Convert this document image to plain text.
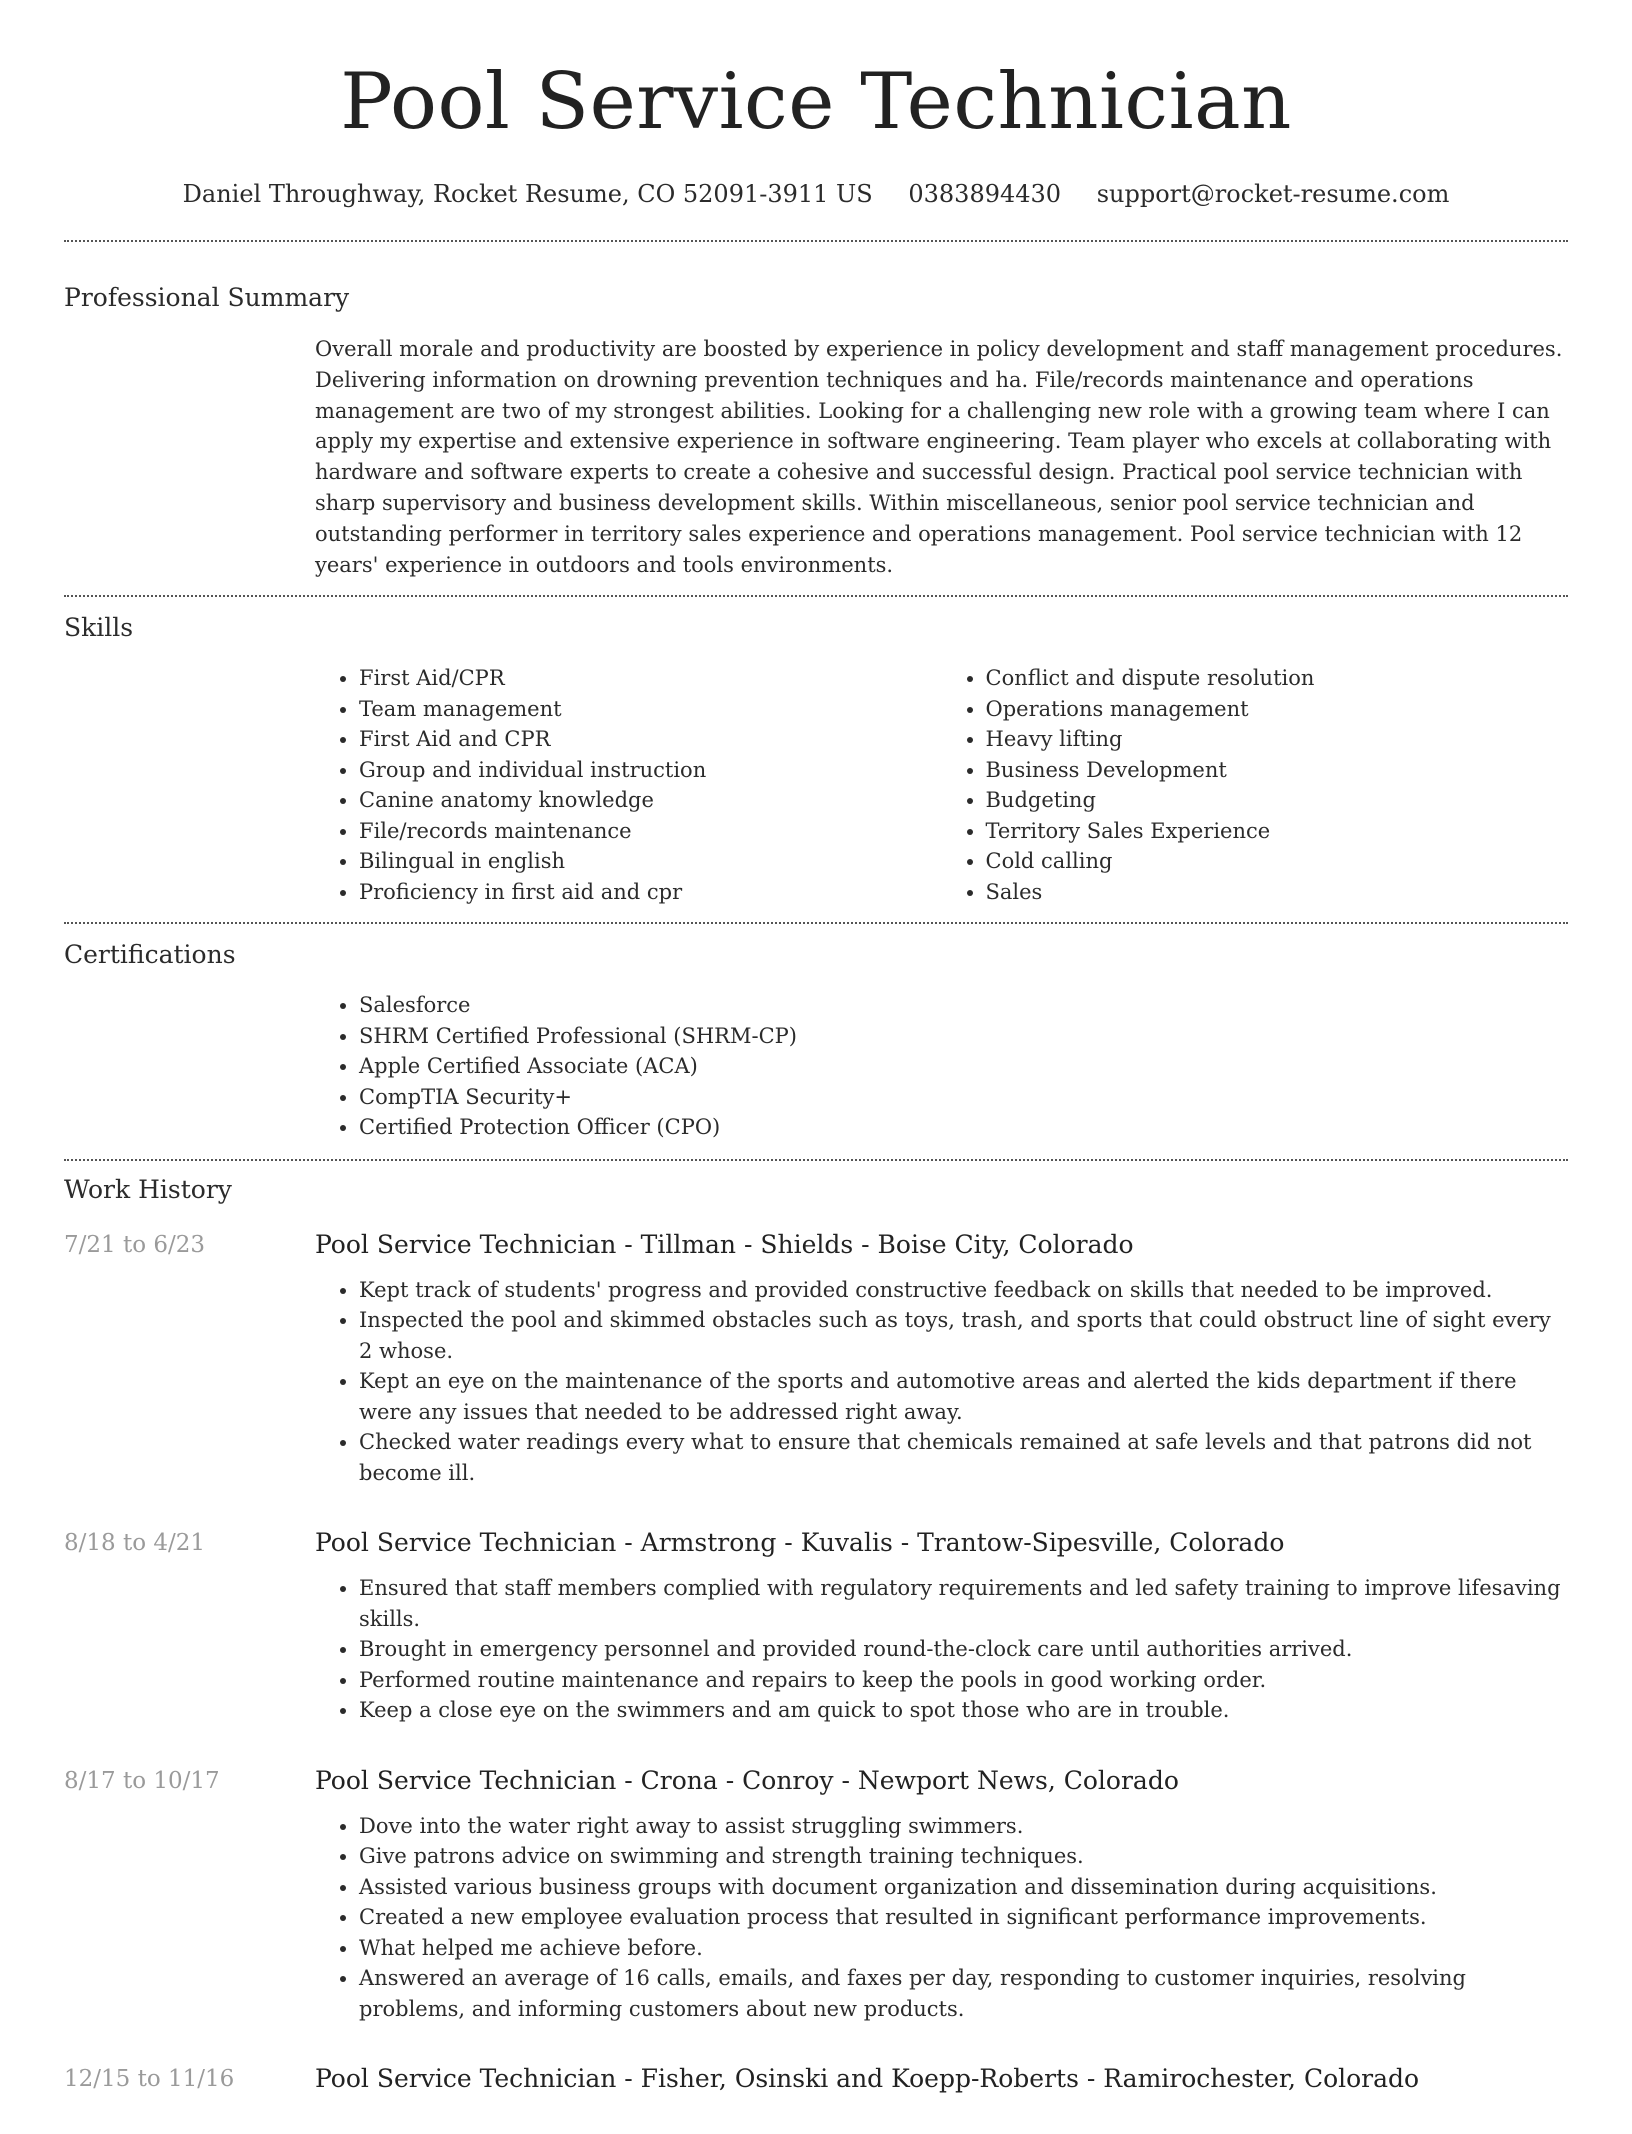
Pool Service Technician
Daniel Throughway, Rocket Resume, CO 52091-3911 US 0383894430 support@rocket-resume.com
Professional Summary
Overall morale and productivity are boosted by experience in policy development and staff management procedures. Delivering information on drowning prevention techniques and ha. File/records maintenance and operations management are two of my strongest abilities. Looking for a challenging new role with a growing team where I can apply my expertise and extensive experience in software engineering. Team player who excels at collaborating with hardware and software experts to create a cohesive and successful design. Practical pool service technician with sharp supervisory and business development skills. Within miscellaneous, senior pool service technician and outstanding performer in territory sales experience and operations management. Pool service technician with 12 years' experience in outdoors and tools environments.
Skills
• First Aid/CPR
• Team management
• First Aid and CPR
• Group and individual instruction
• Canine anatomy knowledge
• File/records maintenance
• Bilingual in english
• Proficiency in first aid and cpr
• Conflict and dispute resolution
• Operations management
• Heavy lifting
• Business Development
• Budgeting
• Territory Sales Experience
• Cold calling
• Sales
Certifications
• Salesforce
• SHRM Certified Professional (SHRM-CP)
• Apple Certified Associate (ACA)
• CompTIA Security+
• Certified Protection Officer (CPO)
Work History
7/21 to 6/23	Pool Service Technician - Tillman - Shields - Boise City, Colorado
• Kept track of students' progress and provided constructive feedback on skills that needed to be improved.
• Inspected the pool and skimmed obstacles such as toys, trash, and sports that could obstruct line of sight every 2 whose.
• Kept an eye on the maintenance of the sports and automotive areas and alerted the kids department if there were any issues that needed to be addressed right away.
• Checked water readings every what to ensure that chemicals remained at safe levels and that patrons did not become ill.
8/18 to 4/21	Pool Service Technician - Armstrong - Kuvalis - Trantow-Sipesville, Colorado
• Ensured that staff members complied with regulatory requirements and led safety training to improve lifesaving skills.
• Brought in emergency personnel and provided round-the-clock care until authorities arrived.
• Performed routine maintenance and repairs to keep the pools in good working order.
• Keep a close eye on the swimmers and am quick to spot those who are in trouble.
8/17 to 10/17	Pool Service Technician - Crona - Conroy - Newport News, Colorado
• Dove into the water right away to assist struggling swimmers.
• Give patrons advice on swimming and strength training techniques.
• Assisted various business groups with document organization and dissemination during acquisitions.
• Created a new employee evaluation process that resulted in significant performance improvements.
• What helped me achieve before.
• Answered an average of 16 calls, emails, and faxes per day, responding to customer inquiries, resolving problems, and informing customers about new products.
12/15 to 11/16	Pool Service Technician - Fisher, Osinski and Koepp-Roberts - Ramirochester, Colorado
